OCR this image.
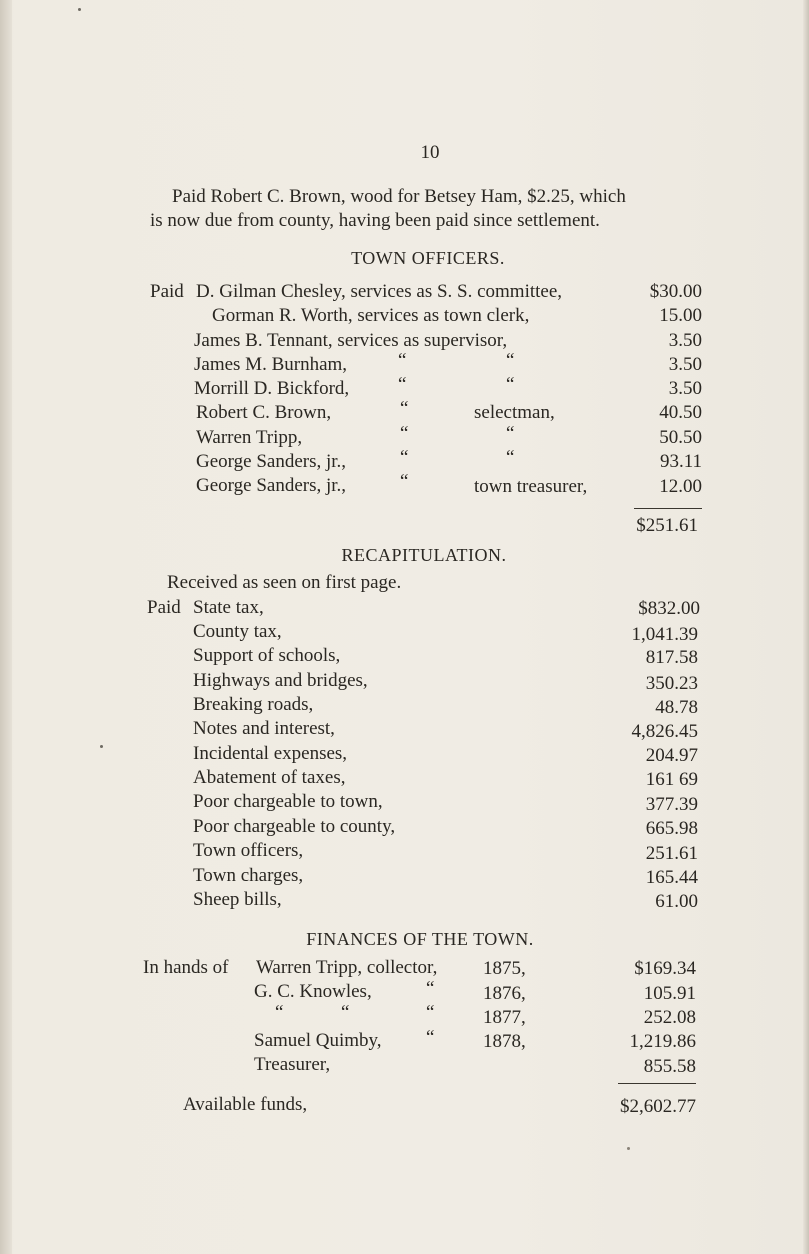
10
Paid Robert C. Brown, wood for Betsey Ham, $2.25, which
is now due from county, having been paid since settlement.
TOWN OFFICERS.
Paid D. Gilman Chesley, services as S. S. committee,	$30.00
Gorman R. Worth, services as town clerk,	15.00
James B. Tennant, services as supervisor,	3.50
James M. Burnham,	“	“	3.50
Morrill D. Bickford,	“	“	3.50
Robert C. Brown,	“	selectman,	40.50
Warren Tripp,	“	“	50.50
George Sanders, jr.,	“	“	93.11
George Sanders, jr.,	“	town treasurer,	12.00
$251.61
RECAPITULATION.
Received as seen on first page.
Paid State tax,	$832.00
County tax,	1,041.39
Support of schools,	817.58
Highways and bridges,	350.23
Breaking roads,	48.78
Notes and interest,	4,826.45
Incidental expenses,	204.97
Abatement of taxes,	161 69
Poor chargeable to town,	377.39
Poor chargeable to county,	665.98
Town officers,	251.61
Town charges,	165.44
Sheep bills,	61.00
FINANCES OF THE TOWN.
In hands of Warren Tripp, collector, 1875,	$169.34
G. C. Knowles,	“	1876,	105.91
“	“	“	1877,	252.08
Samuel Quimby, “	1878,	1,219.86
Treasurer,	855.58
Available funds,	$2,602.77
